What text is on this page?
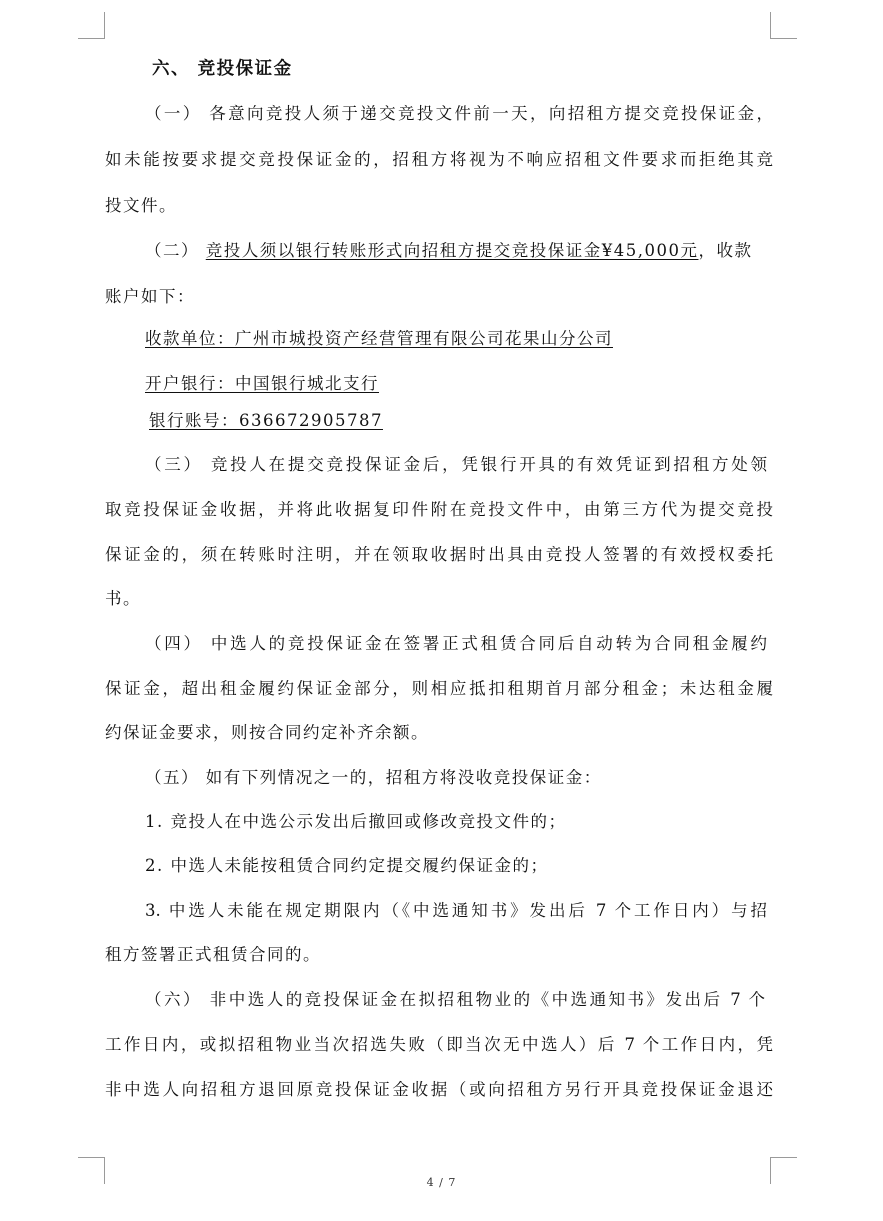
六、 竞投保证金
（一） 各意向竞投人须于递交竞投文件前一天，向招租方提交竞投保证金，
如未能按要求提交竞投保证金的，招租方将视为不响应招租文件要求而拒绝其竞
投文件。
（二） 竞投人须以银行转账形式向招租方提交竞投保证金¥45,000元，收款
账户如下：
收款单位：广州市城投资产经营管理有限公司花果山分公司
开户银行：中国银行城北支行
银行账号：636672905787
（三） 竞投人在提交竞投保证金后，凭银行开具的有效凭证到招租方处领
取竞投保证金收据，并将此收据复印件附在竞投文件中，由第三方代为提交竞投
保证金的，须在转账时注明，并在领取收据时出具由竞投人签署的有效授权委托
书。
（四） 中选人的竞投保证金在签署正式租赁合同后自动转为合同租金履约
保证金，超出租金履约保证金部分，则相应抵扣租期首月部分租金；未达租金履
约保证金要求，则按合同约定补齐余额。
（五） 如有下列情况之一的，招租方将没收竞投保证金：
1. 竞投人在中选公示发出后撤回或修改竞投文件的；
2. 中选人未能按租赁合同约定提交履约保证金的；
3. 中选人未能在规定期限内（《中选通知书》发出后 7 个工作日内）与招
租方签署正式租赁合同的。
（六） 非中选人的竞投保证金在拟招租物业的《中选通知书》发出后 7 个
工作日内，或拟招租物业当次招选失败（即当次无中选人）后 7 个工作日内，凭
非中选人向招租方退回原竞投保证金收据（或向招租方另行开具竞投保证金退还
4 / 7
